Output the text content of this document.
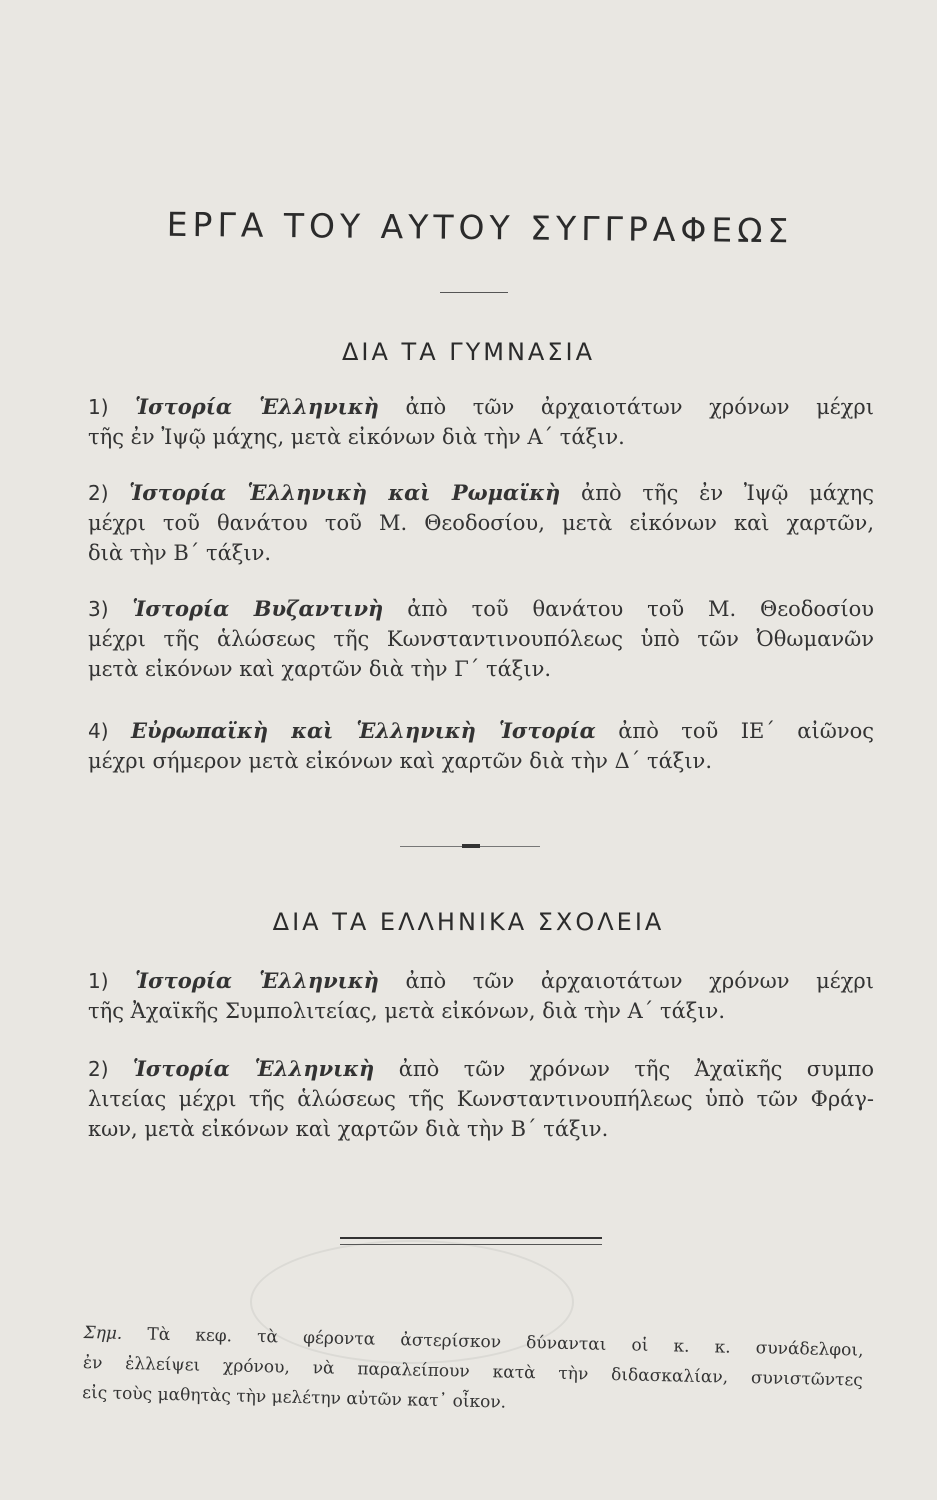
ΕΡΓΑ ΤΟΥ ΑΥΤΟΥ ΣΥΓΓΡΑΦΕΩΣ
ΔΙΑ ΤΑ ΓΥΜΝΑΣΙΑ
1) Ἱστορία Ἑλληνικὴ ἀπὸ τῶν ἀρχαιοτάτων χρόνων μέχρι
τῆς ἐν Ἰψῷ μάχης, μετὰ εἰκόνων διὰ τὴν Α΄ τάξιν.
2) Ἱστορία Ἑλληνικὴ καὶ Ρωμαϊκὴ ἀπὸ τῆς ἐν Ἰψῷ μάχης
μέχρι τοῦ θανάτου τοῦ Μ. Θεοδοσίου, μετὰ εἰκόνων καὶ χαρτῶν,
διὰ τὴν Β΄ τάξιν.
3) Ἱστορία Βυζαντινὴ ἀπὸ τοῦ θανάτου τοῦ Μ. Θεοδοσίου
μέχρι τῆς ἁλώσεως τῆς Κωνσταντινουπόλεως ὑπὸ τῶν Ὀθωμανῶν
μετὰ εἰκόνων καὶ χαρτῶν διὰ τὴν Γ΄ τάξιν.
4) Εὐρωπαϊκὴ καὶ Ἑλληνικὴ Ἱστορία ἀπὸ τοῦ ΙΕ΄ αἰῶνος
μέχρι σήμερον μετὰ εἰκόνων καὶ χαρτῶν διὰ τὴν Δ΄ τάξιν.
ΔΙΑ ΤΑ ΕΛΛΗΝΙΚΑ ΣΧΟΛΕΙΑ
1) Ἱστορία Ἑλληνικὴ ἀπὸ τῶν ἀρχαιοτάτων χρόνων μέχρι
τῆς Ἀχαϊκῆς Συμπολιτείας, μετὰ εἰκόνων, διὰ τὴν Α΄ τάξιν.
2) Ἱστορία Ἑλληνικὴ ἀπὸ τῶν χρόνων τῆς Ἀχαϊκῆς συμπο
λιτείας μέχρι τῆς ἁλώσεως τῆς Κωνσταντινουπήλεως ὑπὸ τῶν Φράγ-
κων, μετὰ εἰκόνων καὶ χαρτῶν διὰ τὴν Β΄ τάξιν.
Σημ. Τὰ κεφ. τὰ φέροντα ἀστερίσκον δύνανται οἱ κ. κ. συνάδελφοι,
ἐν ἐλλείψει χρόνου, νὰ παραλείπουν κατὰ τὴν διδασκαλίαν, συνιστῶντες
εἰς τοὺς μαθητὰς τὴν μελέτην αὐτῶν κατ᾽ οἶκον.
